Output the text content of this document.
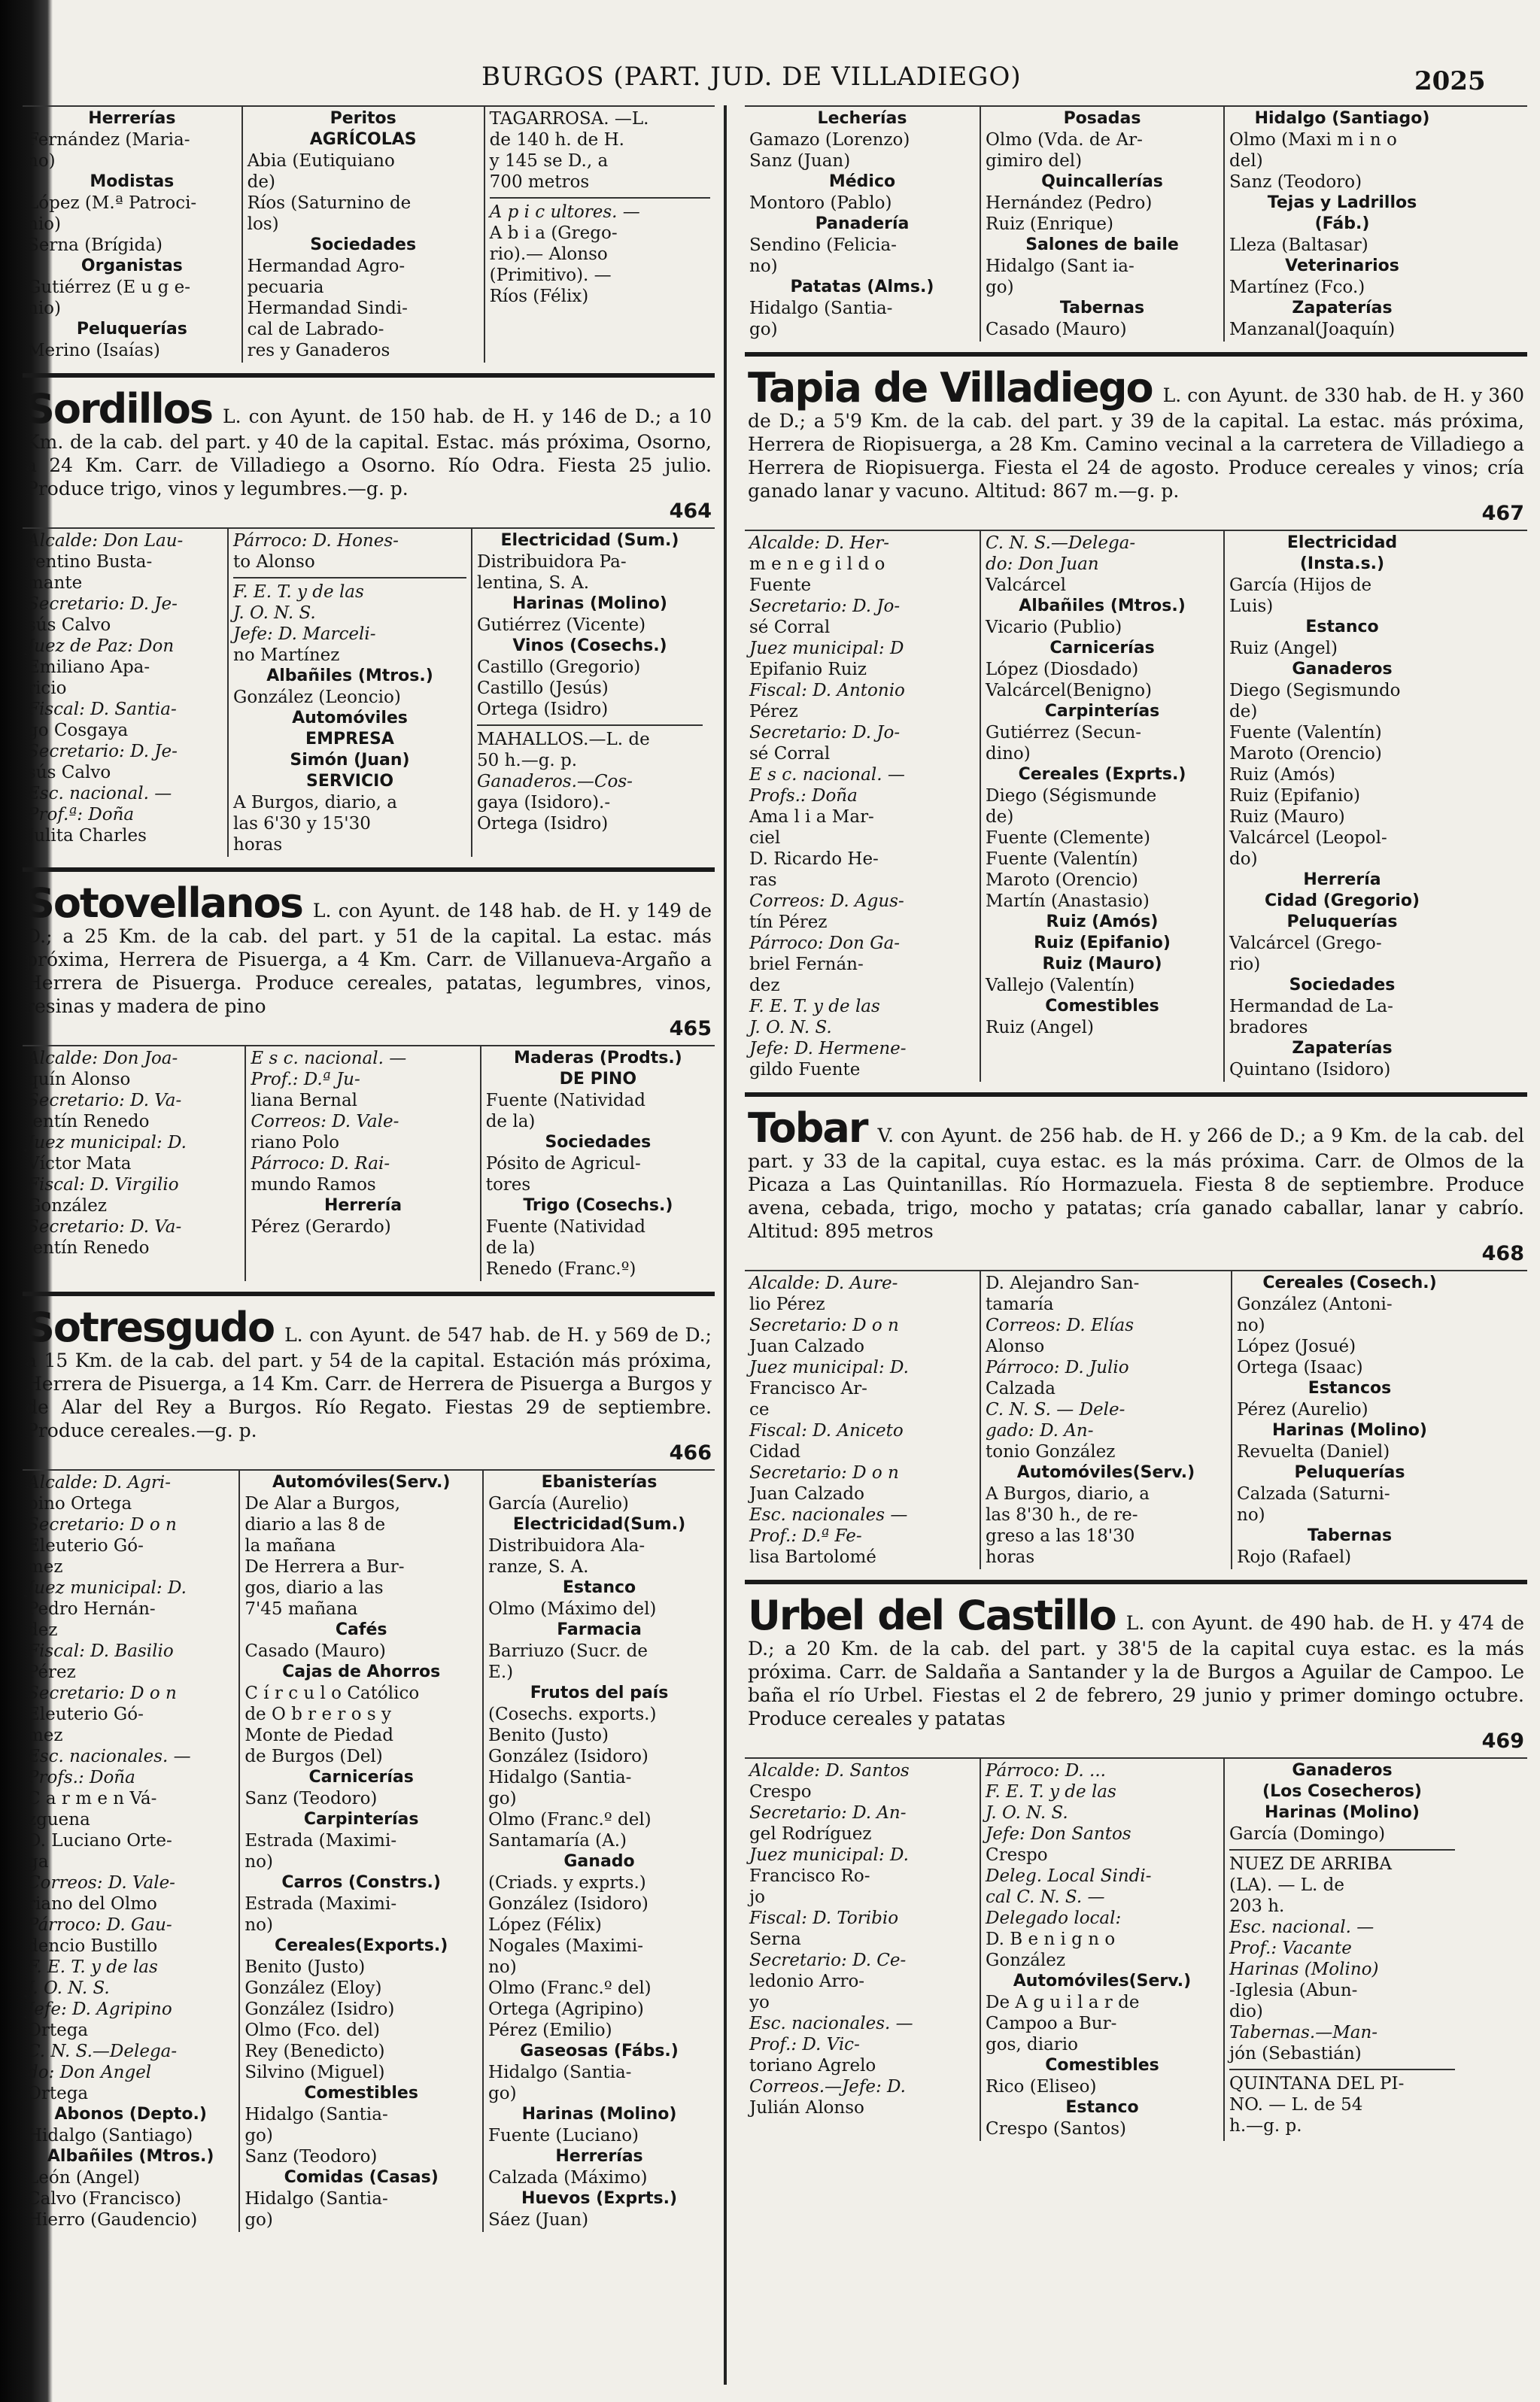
BURGOS (PART. JUD. DE VILLADIEGO)	2025
Herrerías
Fernández (Maria-
no)
Modistas
López (M.ª Patroci-
nio)
Serna (Brígida)
Organistas
Gutiérrez (E u g e-
nio)
Peluquerías
Merino (Isaías)
Peritos
AGRÍCOLAS
Abia (Eutiquiano
de)
Ríos (Saturnino de
los)
Sociedades
Hermandad Agro-
pecuaria
Hermandad Sindi-
cal de Labrado-
res y Ganaderos
TAGARROSA. —L.
de 140 h. de H.
y 145 se D., a
700 metros
A p i c ultores. —
A b i a (Grego-
rio).— Alonso
(Primitivo). —
Ríos (Félix)
Sordillos L. con Ayunt. de 150 hab. de H. y 146 de D.; a 10 Km. de la cab. del part. y 40 de la capital. Estac. más próxima, Osorno, a 24 Km. Carr. de Villadiego a Osorno. Río Odra. Fiesta 25 julio. Produce trigo, vinos y legumbres.—g. p.
464
Alcalde: Don Lau-
rentino Busta-
mante
Secretario: D. Je-
sús Calvo
Juez de Paz: Don
Emiliano Apa-
ricio
Fiscal: D. Santia-
go Cosgaya
Secretario: D. Je-
sús Calvo
Esc. nacional. —
Prof.ª: Doña
Julita Charles
Párroco: D. Hones-
to Alonso
F. E. T. y de las
J. O. N. S.
Jefe: D. Marceli-
no Martínez
Albañiles (Mtros.)
González (Leoncio)
Automóviles
EMPRESA
Simón (Juan)
SERVICIO
A Burgos, diario, a
las 6'30 y 15'30
horas
Electricidad (Sum.)
Distribuidora Pa-
lentina, S. A.
Harinas (Molino)
Gutiérrez (Vicente)
Vinos (Cosechs.)
Castillo (Gregorio)
Castillo (Jesús)
Ortega (Isidro)
MAHALLOS.—L. de
50 h.—g. p.
Ganaderos.—Cos-
gaya (Isidoro).-
Ortega (Isidro)
Sotovellanos L. con Ayunt. de 148 hab. de H. y 149 de D.; a 25 Km. de la cab. del part. y 51 de la capital. La estac. más próxima, Herrera de Pisuerga, a 4 Km. Carr. de Villanueva-Argaño a Herrera de Pisuerga. Produce cereales, patatas, legumbres, vinos, resinas y madera de pino
465
Alcalde: Don Joa-
quín Alonso
Secretario: D. Va-
lentín Renedo
Juez municipal: D.
Víctor Mata
Fiscal: D. Virgilio
González
Secretario: D. Va-
lentín Renedo
E s c. nacional. —
Prof.: D.ª Ju-
liana Bernal
Correos: D. Vale-
riano Polo
Párroco: D. Rai-
mundo Ramos
Herrería
Pérez (Gerardo)
Maderas (Prodts.)
DE PINO
Fuente (Natividad
de la)
Sociedades
Pósito de Agricul-
tores
Trigo (Cosechs.)
Fuente (Natividad
de la)
Renedo (Franc.º)
Sotresgudo L. con Ayunt. de 547 hab. de H. y 569 de D.; a 15 Km. de la cab. del part. y 54 de la capital. Estación más próxima, Herrera de Pisuerga, a 14 Km. Carr. de Herrera de Pisuerga a Burgos y de Alar del Rey a Burgos. Río Regato. Fiestas 29 de septiembre. Produce cereales.—g. p.
466
Alcalde: D. Agri-
pino Ortega
Secretario: D o n
Eleuterio Gó-
mez
Juez municipal: D.
Pedro Hernán-
dez
Fiscal: D. Basilio
Pérez
Secretario: D o n
Eleuterio Gó-
mez
Esc. nacionales. —
Profs.: Doña
C a r m e n Vá-
zguena
D. Luciano Orte-
ga
Correos: D. Vale-
riano del Olmo
Párroco: D. Gau-
dencio Bustillo
F. E. T. y de las
J. O. N. S.
Jefe: D. Agripino
Ortega
C. N. S.—Delega-
do: Don Angel
Ortega
Abonos (Depto.)
Hidalgo (Santiago)
Albañiles (Mtros.)
León (Angel)
Calvo (Francisco)
Hierro (Gaudencio)
Automóviles(Serv.)
De Alar a Burgos,
diario a las 8 de
la mañana
De Herrera a Bur-
gos, diario a las
7'45 mañana
Cafés
Casado (Mauro)
Cajas de Ahorros
C í r c u l o Católico
de O b r e r o s y
Monte de Piedad
de Burgos (Del)
Carnicerías
Sanz (Teodoro)
Carpinterías
Estrada (Maximi-
no)
Carros (Constrs.)
Estrada (Maximi-
no)
Cereales(Exports.)
Benito (Justo)
González (Eloy)
González (Isidro)
Olmo (Fco. del)
Rey (Benedicto)
Silvino (Miguel)
Comestibles
Hidalgo (Santia-
go)
Sanz (Teodoro)
Comidas (Casas)
Hidalgo (Santia-
go)
Ebanisterías
García (Aurelio)
Electricidad(Sum.)
Distribuidora Ala-
ranze, S. A.
Estanco
Olmo (Máximo del)
Farmacia
Barriuzo (Sucr. de
E.)
Frutos del país
(Cosechs. exports.)
Benito (Justo)
González (Isidoro)
Hidalgo (Santia-
go)
Olmo (Franc.º del)
Santamaría (A.)
Ganado
(Criads. y exprts.)
González (Isidoro)
López (Félix)
Nogales (Maximi-
no)
Olmo (Franc.º del)
Ortega (Agripino)
Pérez (Emilio)
Gaseosas (Fábs.)
Hidalgo (Santia-
go)
Harinas (Molino)
Fuente (Luciano)
Herrerías
Calzada (Máximo)
Huevos (Exprts.)
Sáez (Juan)
Lecherías
Gamazo (Lorenzo)
Sanz (Juan)
Médico
Montoro (Pablo)
Panadería
Sendino (Felicia-
no)
Patatas (Alms.)
Hidalgo (Santia-
go)
Posadas
Olmo (Vda. de Ar-
gimiro del)
Quincallerías
Hernández (Pedro)
Ruiz (Enrique)
Salones de baile
Hidalgo (Sant ia-
go)
Tabernas
Casado (Mauro)
Hidalgo (Santiago)
Olmo (Maxi m i n o
del)
Sanz (Teodoro)
Tejas y Ladrillos
(Fáb.)
Lleza (Baltasar)
Veterinarios
Martínez (Fco.)
Zapaterías
Manzanal(Joaquín)
Tapia de Villadiego L. con Ayunt. de 330 hab. de H. y 360 de D.; a 5'9 Km. de la cab. del part. y 39 de la capital. La estac. más próxima, Herrera de Riopisuerga, a 28 Km. Camino vecinal a la carretera de Villadiego a Herrera de Riopisuerga. Fiesta el 24 de agosto. Produce cereales y vinos; cría ganado lanar y vacuno. Altitud: 867 m.—g. p.
467
Alcalde: D. Her-
m e n e g i l d o
Fuente
Secretario: D. Jo-
sé Corral
Juez municipal: D
Epifanio Ruiz
Fiscal: D. Antonio
Pérez
Secretario: D. Jo-
sé Corral
E s c. nacional. —
Profs.: Doña
Ama l i a Mar-
ciel
D. Ricardo He-
ras
Correos: D. Agus-
tín Pérez
Párroco: Don Ga-
briel Fernán-
dez
F. E. T. y de las
J. O. N. S.
Jefe: D. Hermene-
gildo Fuente
C. N. S.—Delega-
do: Don Juan
Valcárcel
Albañiles (Mtros.)
Vicario (Publio)
Carnicerías
López (Diosdado)
Valcárcel(Benigno)
Carpinterías
Gutiérrez (Secun-
dino)
Cereales (Exprts.)
Diego (Ségismunde
de)
Fuente (Clemente)
Fuente (Valentín)
Maroto (Orencio)
Martín (Anastasio)
Ruiz (Amós)
Ruiz (Epifanio)
Ruiz (Mauro)
Vallejo (Valentín)
Comestibles
Ruiz (Angel)
Electricidad
(Insta.s.)
García (Hijos de
Luis)
Estanco
Ruiz (Angel)
Ganaderos
Diego (Segismundo
de)
Fuente (Valentín)
Maroto (Orencio)
Ruiz (Amós)
Ruiz (Epifanio)
Ruiz (Mauro)
Valcárcel (Leopol-
do)
Herrería
Cidad (Gregorio)
Peluquerías
Valcárcel (Grego-
rio)
Sociedades
Hermandad de La-
bradores
Zapaterías
Quintano (Isidoro)
Tobar V. con Ayunt. de 256 hab. de H. y 266 de D.; a 9 Km. de la cab. del part. y 33 de la capital, cuya estac. es la más próxima. Carr. de Olmos de la Picaza a Las Quintanillas. Río Hormazuela. Fiesta 8 de septiembre. Produce avena, cebada, trigo, mocho y patatas; cría ganado caballar, lanar y cabrío. Altitud: 895 metros
468
Alcalde: D. Aure-
lio Pérez
Secretario: D o n
Juan Calzado
Juez municipal: D.
Francisco Ar-
ce
Fiscal: D. Aniceto
Cidad
Secretario: D o n
Juan Calzado
Esc. nacionales —
Prof.: D.ª Fe-
lisa Bartolomé
D. Alejandro San-
tamaría
Correos: D. Elías
Alonso
Párroco: D. Julio
Calzada
C. N. S. — Dele-
gado: D. An-
tonio González
Automóviles(Serv.)
A Burgos, diario, a
las 8'30 h., de re-
greso a las 18'30
horas
Cereales (Cosech.)
González (Antoni-
no)
López (Josué)
Ortega (Isaac)
Estancos
Pérez (Aurelio)
Harinas (Molino)
Revuelta (Daniel)
Peluquerías
Calzada (Saturni-
no)
Tabernas
Rojo (Rafael)
Urbel del Castillo L. con Ayunt. de 490 hab. de H. y 474 de D.; a 20 Km. de la cab. del part. y 38'5 de la capital cuya estac. es la más próxima. Carr. de Saldaña a Santander y la de Burgos a Aguilar de Campoo. Le baña el río Urbel. Fiestas el 2 de febrero, 29 junio y primer domingo octubre. Produce cereales y patatas
469
Alcalde: D. Santos
Crespo
Secretario: D. An-
gel Rodríguez
Juez municipal: D.
Francisco Ro-
jo
Fiscal: D. Toribio
Serna
Secretario: D. Ce-
ledonio Arro-
yo
Esc. nacionales. —
Prof.: D. Vic-
toriano Agrelo
Correos.—Jefe: D.
Julián Alonso
Párroco: D. ...
F. E. T. y de las
J. O. N. S.
Jefe: Don Santos
Crespo
Deleg. Local Sindi-
cal C. N. S. —
Delegado local:
D. B e n i g n o
González
Automóviles(Serv.)
De A g u i l a r de
Campoo a Bur-
gos, diario
Comestibles
Rico (Eliseo)
Estanco
Crespo (Santos)
Ganaderos
(Los Cosecheros)
Harinas (Molino)
García (Domingo)
NUEZ DE ARRIBA
(LA). — L. de
203 h.
Esc. nacional. —
Prof.: Vacante
Harinas (Molino)
-Iglesia (Abun-
dio)
Tabernas.—Man-
jón (Sebastián)
QUINTANA DEL PI-
NO. — L. de 54
h.—g. p.
